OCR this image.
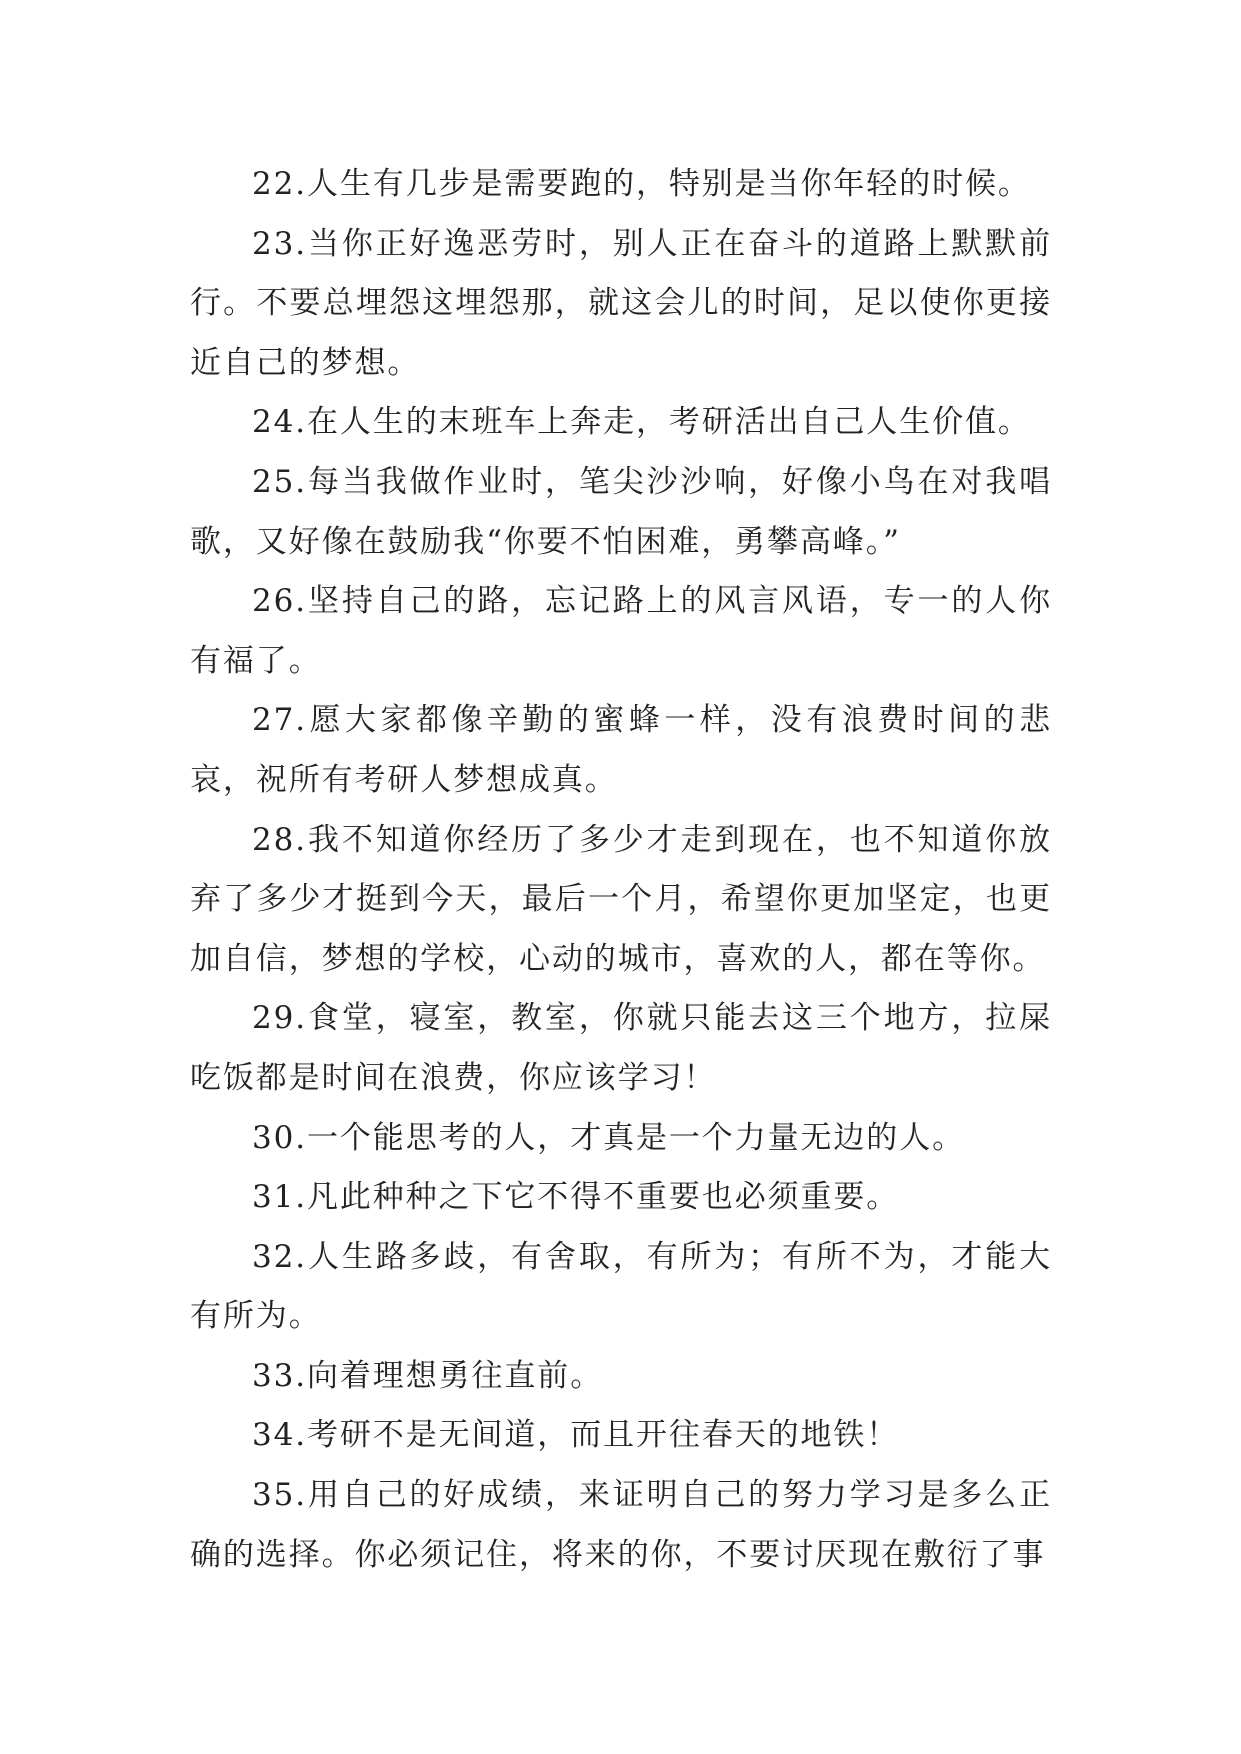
22.人生有几步是需要跑的，特别是当你年轻的时候。

23.当你正好逸恶劳时，别人正在奋斗的道路上默默前行。不要总埋怨这埋怨那，就这会儿的时间，足以使你更接近自己的梦想。

24.在人生的末班车上奔走，考研活出自己人生价值。

25.每当我做作业时，笔尖沙沙响，好像小鸟在对我唱歌，又好像在鼓励我“你要不怕困难，勇攀高峰。”

26.坚持自己的路，忘记路上的风言风语，专一的人你有福了。

27.愿大家都像辛勤的蜜蜂一样，没有浪费时间的悲哀，祝所有考研人梦想成真。

28.我不知道你经历了多少才走到现在，也不知道你放弃了多少才挺到今天，最后一个月，希望你更加坚定，也更加自信，梦想的学校，心动的城市，喜欢的人，都在等你。

29.食堂，寝室，教室，你就只能去这三个地方，拉屎吃饭都是时间在浪费，你应该学习！

30.一个能思考的人，才真是一个力量无边的人。

31.凡此种种之下它不得不重要也必须重要。

32.人生路多歧，有舍取，有所为；有所不为，才能大有所为。

33.向着理想勇往直前。

34.考研不是无间道，而且开往春天的地铁！

35.用自己的好成绩，来证明自己的努力学习是多么正确的选择。你必须记住，将来的你，不要讨厌现在敷衍了事
